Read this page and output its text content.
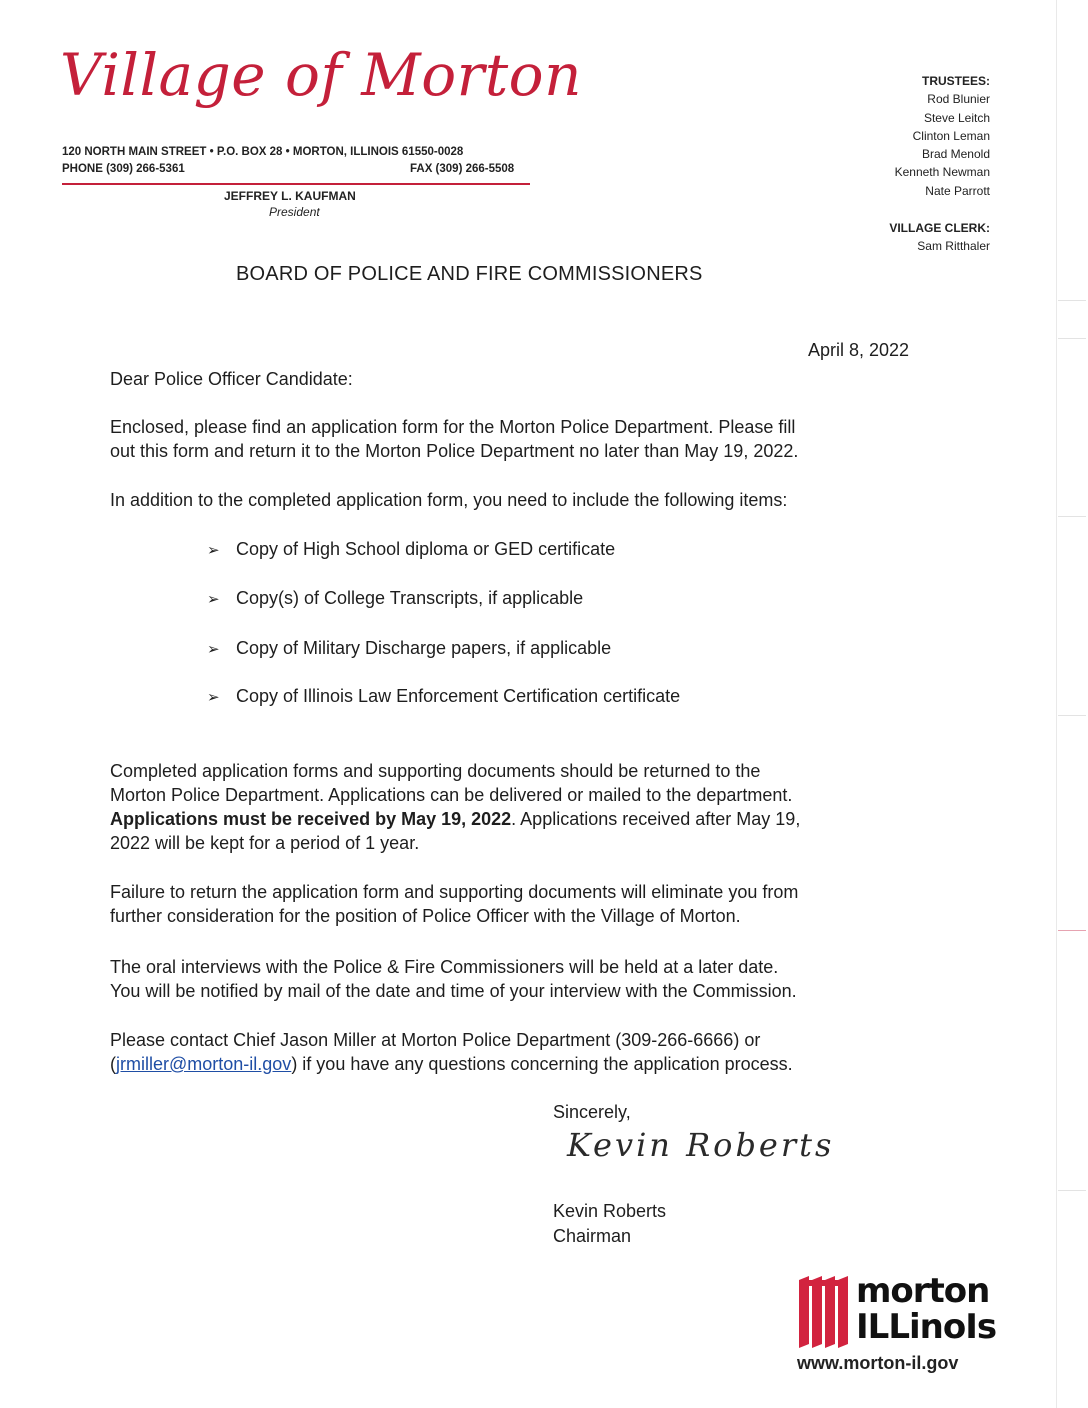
Village of Morton
120 NORTH MAIN STREET • P.O. BOX 28 • MORTON, ILLINOIS 61550-0028
PHONE (309) 266-5361	FAX (309) 266-5508
JEFFREY L. KAUFMAN
President
TRUSTEES:
Rod Blunier
Steve Leitch
Clinton Leman
Brad Menold
Kenneth Newman
Nate Parrott
VILLAGE CLERK:
Sam Ritthaler
BOARD OF POLICE AND FIRE COMMISSIONERS
April 8, 2022
Dear Police Officer Candidate:
Enclosed, please find an application form for the Morton Police Department. Please fill
out this form and return it to the Morton Police Department no later than May 19, 2022.
In addition to the completed application form, you need to include the following items:
➢ Copy of High School diploma or GED certificate
➢ Copy(s) of College Transcripts, if applicable
➢ Copy of Military Discharge papers, if applicable
➢ Copy of Illinois Law Enforcement Certification certificate
Completed application forms and supporting documents should be returned to the
Morton Police Department. Applications can be delivered or mailed to the department.
Applications must be received by May 19, 2022. Applications received after May 19,
2022 will be kept for a period of 1 year.
Failure to return the application form and supporting documents will eliminate you from
further consideration for the position of Police Officer with the Village of Morton.
The oral interviews with the Police & Fire Commissioners will be held at a later date.
You will be notified by mail of the date and time of your interview with the Commission.
Please contact Chief Jason Miller at Morton Police Department (309-266-6666) or
(jrmiller@morton-il.gov) if you have any questions concerning the application process.
Sincerely,
Kevin Roberts
Kevin Roberts
Chairman
morton
ILLinoIs
www.morton-il.gov
